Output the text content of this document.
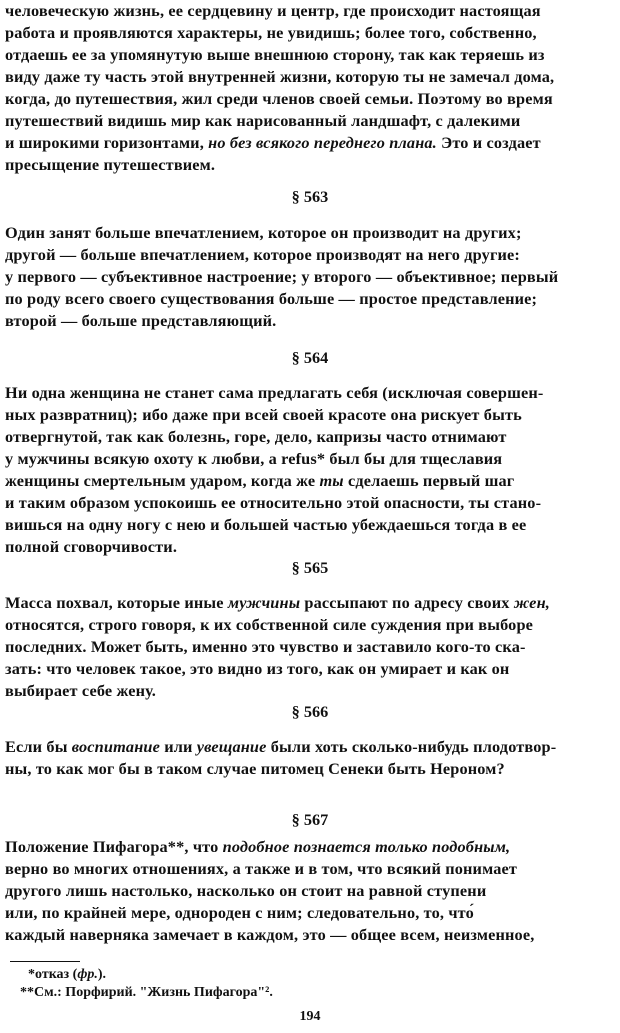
человеческую жизнь, ее сердцевину и центр, где происходит настоящая
работа и проявляются характеры, не увидишь; более того, собственно,
отдаешь ее за упомянутую выше внешнюю сторону, так как теряешь из
виду даже ту часть этой внутренней жизни, которую ты не замечал дома,
когда, до путешествия, жил среди членов своей семьи. Поэтому во время
путешествий видишь мир как нарисованный ландшафт, с далекими
и широкими горизонтами, но без всякого переднего плана. Это и создает
пресыщение путешествием.

§ 563

Один занят больше впечатлением, которое он производит на других;
другой — больше впечатлением, которое производят на него другие:
у первого — субъективное настроение; у второго — объективное; первый
по роду всего своего существования больше — простое представление;
второй — больше представляющий.

§ 564

Ни одна женщина не станет сама предлагать себя (исключая совершен-
ных развратниц); ибо даже при всей своей красоте она рискует быть
отвергнутой, так как болезнь, горе, дело, капризы часто отнимают
у мужчины всякую охоту к любви, а refus* был бы для тщеславия
женщины смертельным ударом, когда же ты сделаешь первый шаг
и таким образом успокоишь ее относительно этой опасности, ты стано-
вишься на одну ногу с нею и большей частью убеждаешься тогда в ее
полной сговорчивости.

§ 565

Масса похвал, которые иные мужчины рассыпают по адресу своих жен,
относятся, строго говоря, к их собственной силе суждения при выборе
последних. Может быть, именно это чувство и заставило кого-то ска-
зать: что человек такое, это видно из того, как он умирает и как он
выбирает себе жену.

§ 566

Если бы воспитание или увещание были хоть сколько-нибудь плодотвор-
ны, то как мог бы в таком случае питомец Сенеки быть Нероном?

§ 567

Положение Пифагора**, что подобное познается только подобным,
верно во многих отношениях, а также и в том, что всякий понимает
другого лишь настолько, насколько он стоит на равной ступени
или, по крайней мере, однороден с ним; следовательно, то, что́
каждый наверняка замечает в каждом, это — общее всем, неизменное,

*отказ (фр.).

**См.: Порфирий. "Жизнь Пифагора"².

194
